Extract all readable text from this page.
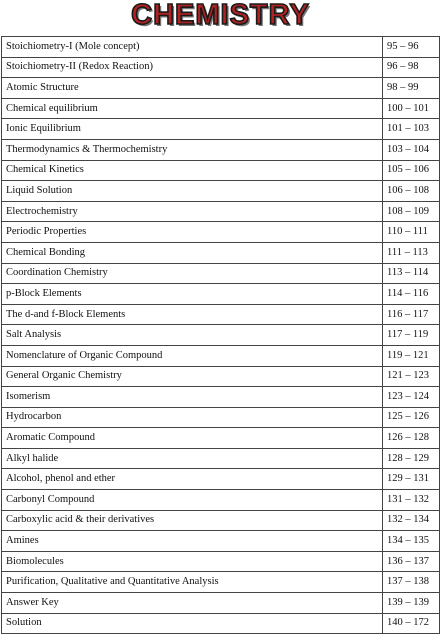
CHEMISTRY
Stoichiometry-I (Mole concept)	95 – 96
Stoichiometry-II (Redox Reaction)	96 – 98
Atomic Structure	98 – 99
Chemical equilibrium	100 – 101
Ionic Equilibrium	101 – 103
Thermodynamics & Thermochemistry	103 – 104
Chemical Kinetics	105 – 106
Liquid Solution	106 – 108
Electrochemistry	108 – 109
Periodic Properties	110 – 111
Chemical Bonding	111 – 113
Coordination Chemistry	113 – 114
p-Block Elements	114 – 116
The d-and f-Block Elements	116 – 117
Salt Analysis	117 – 119
Nomenclature of Organic Compound	119 – 121
General Organic Chemistry	121 – 123
Isomerism	123 – 124
Hydrocarbon	125 – 126
Aromatic Compound	126 – 128
Alkyl halide	128 – 129
Alcohol, phenol and ether	129 – 131
Carbonyl Compound	131 – 132
Carboxylic acid & their derivatives	132 – 134
Amines	134 – 135
Biomolecules	136 – 137
Purification, Qualitative and Quantitative Analysis	137 – 138
Answer Key	139 – 139
Solution	140 – 172
